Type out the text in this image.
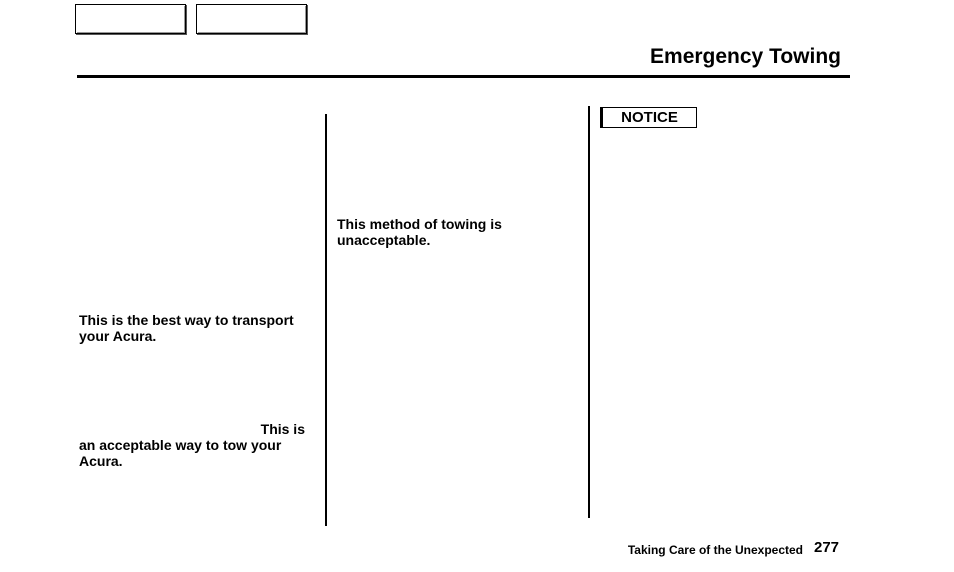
Emergency Towing
This is the best way to transport your Acura.
This is
an acceptable way to tow your Acura.
This method of towing is unacceptable.
NOTICE
Taking Care of the Unexpected 277
